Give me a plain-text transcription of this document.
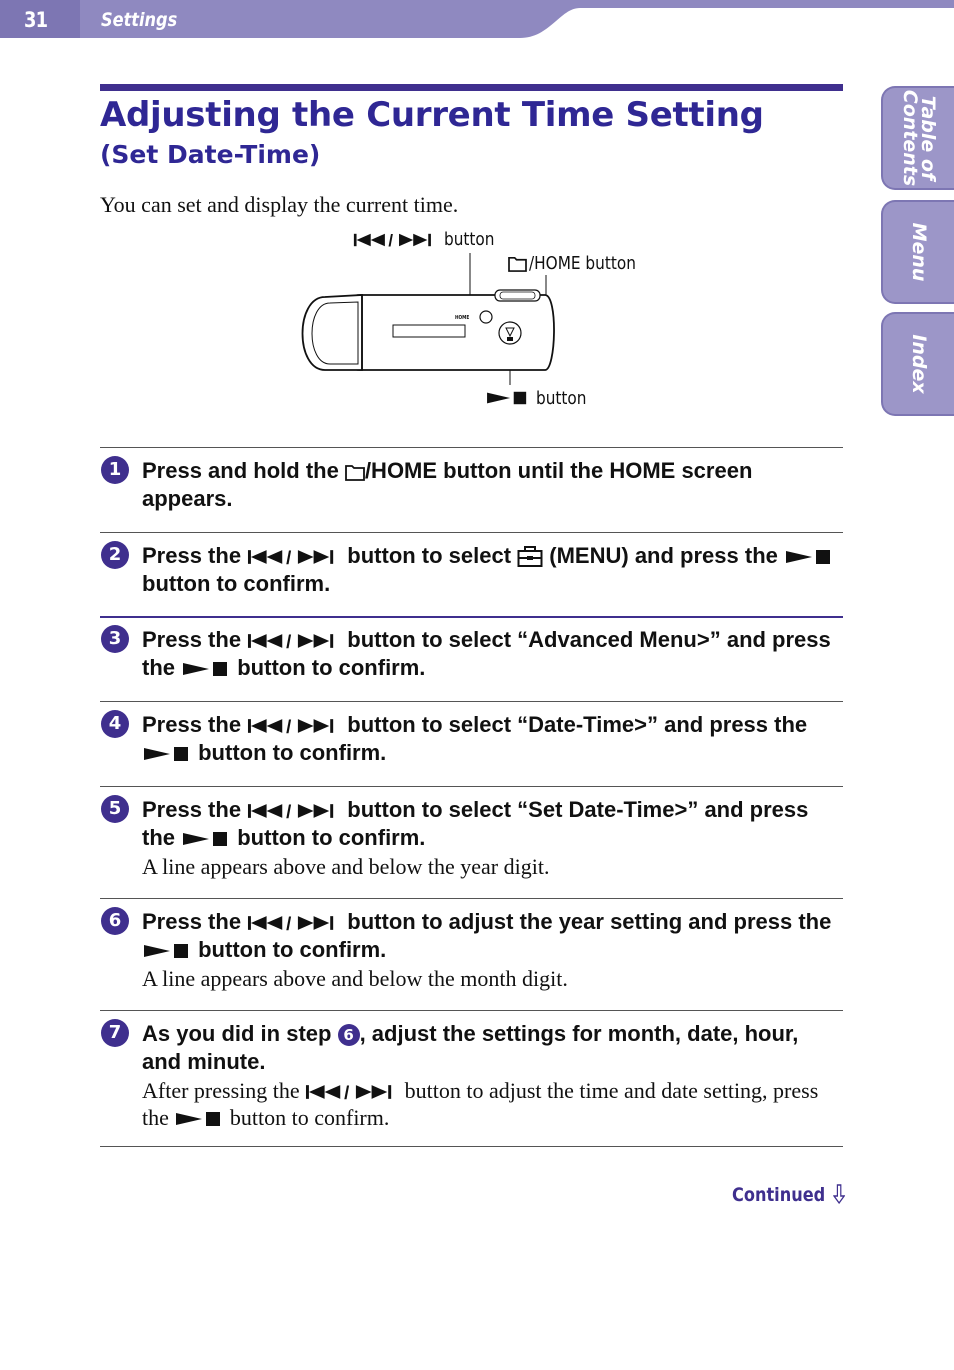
31	Settings
Table of
Contents
Menu
Index
Adjusting the Current Time Setting
(Set Date-Time)

You can set and display the current time.

HOME
button
/HOME button
button
1 Press and hold the /HOME button until the HOME screen appears.
2 Press the	button to select  (MENU) and press the  button to confirm.
3 Press the	button to select “Advanced Menu>” and press the  button to confirm.
4 Press the	button to select “Date-Time>” and press the  button to confirm.
5 Press the	button to select “Set Date-Time>” and press the  button to confirm.
A line appears above and below the year digit.
6 Press the	button to adjust the year setting and press the  button to confirm.
A line appears above and below the month digit.
7 As you did in step 6 , adjust the settings for month, date, hour, and minute.
After pressing the	button to adjust the time and date setting, press the  button to confirm.
Continued
